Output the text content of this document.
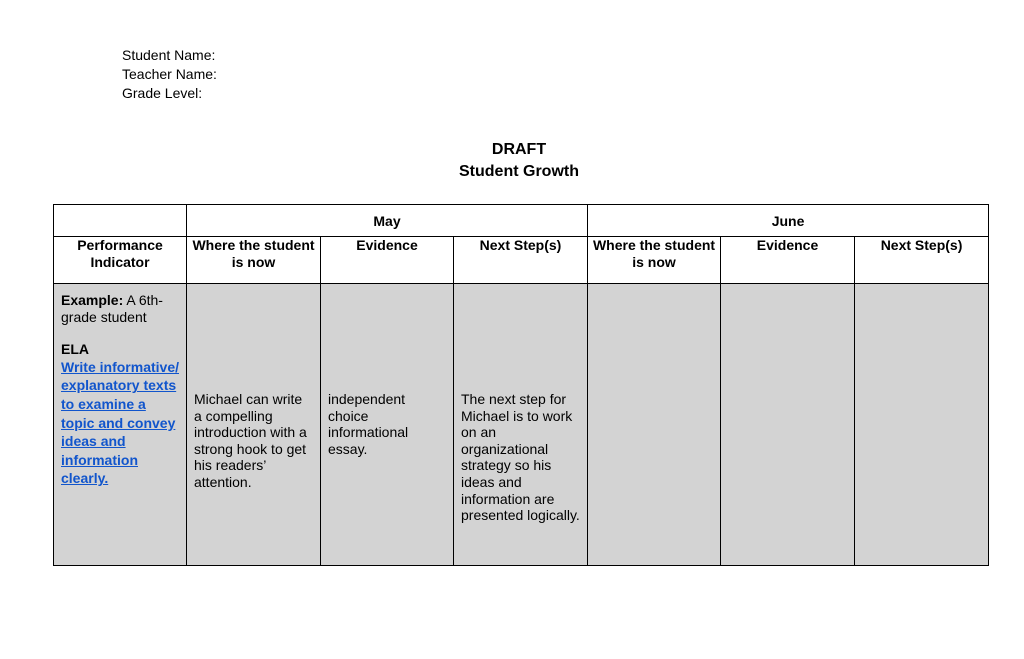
Student Name:
Teacher Name:
Grade Level:
DRAFT
Student Growth
	May			June		
Performance Indicator	Where the student is now	Evidence	Next Step(s)	Where the student is now	Evidence	Next Step(s)

Example: A 6th-grade student
ELA
Write informative/ explanatory texts to examine a topic and convey ideas and information clearly.	Michael can write a compelling introduction with a strong hook to get his readers’ attention.	independent choice informational essay.	The next step for Michael is to work on an organizational strategy so his ideas and information are presented logically.			
